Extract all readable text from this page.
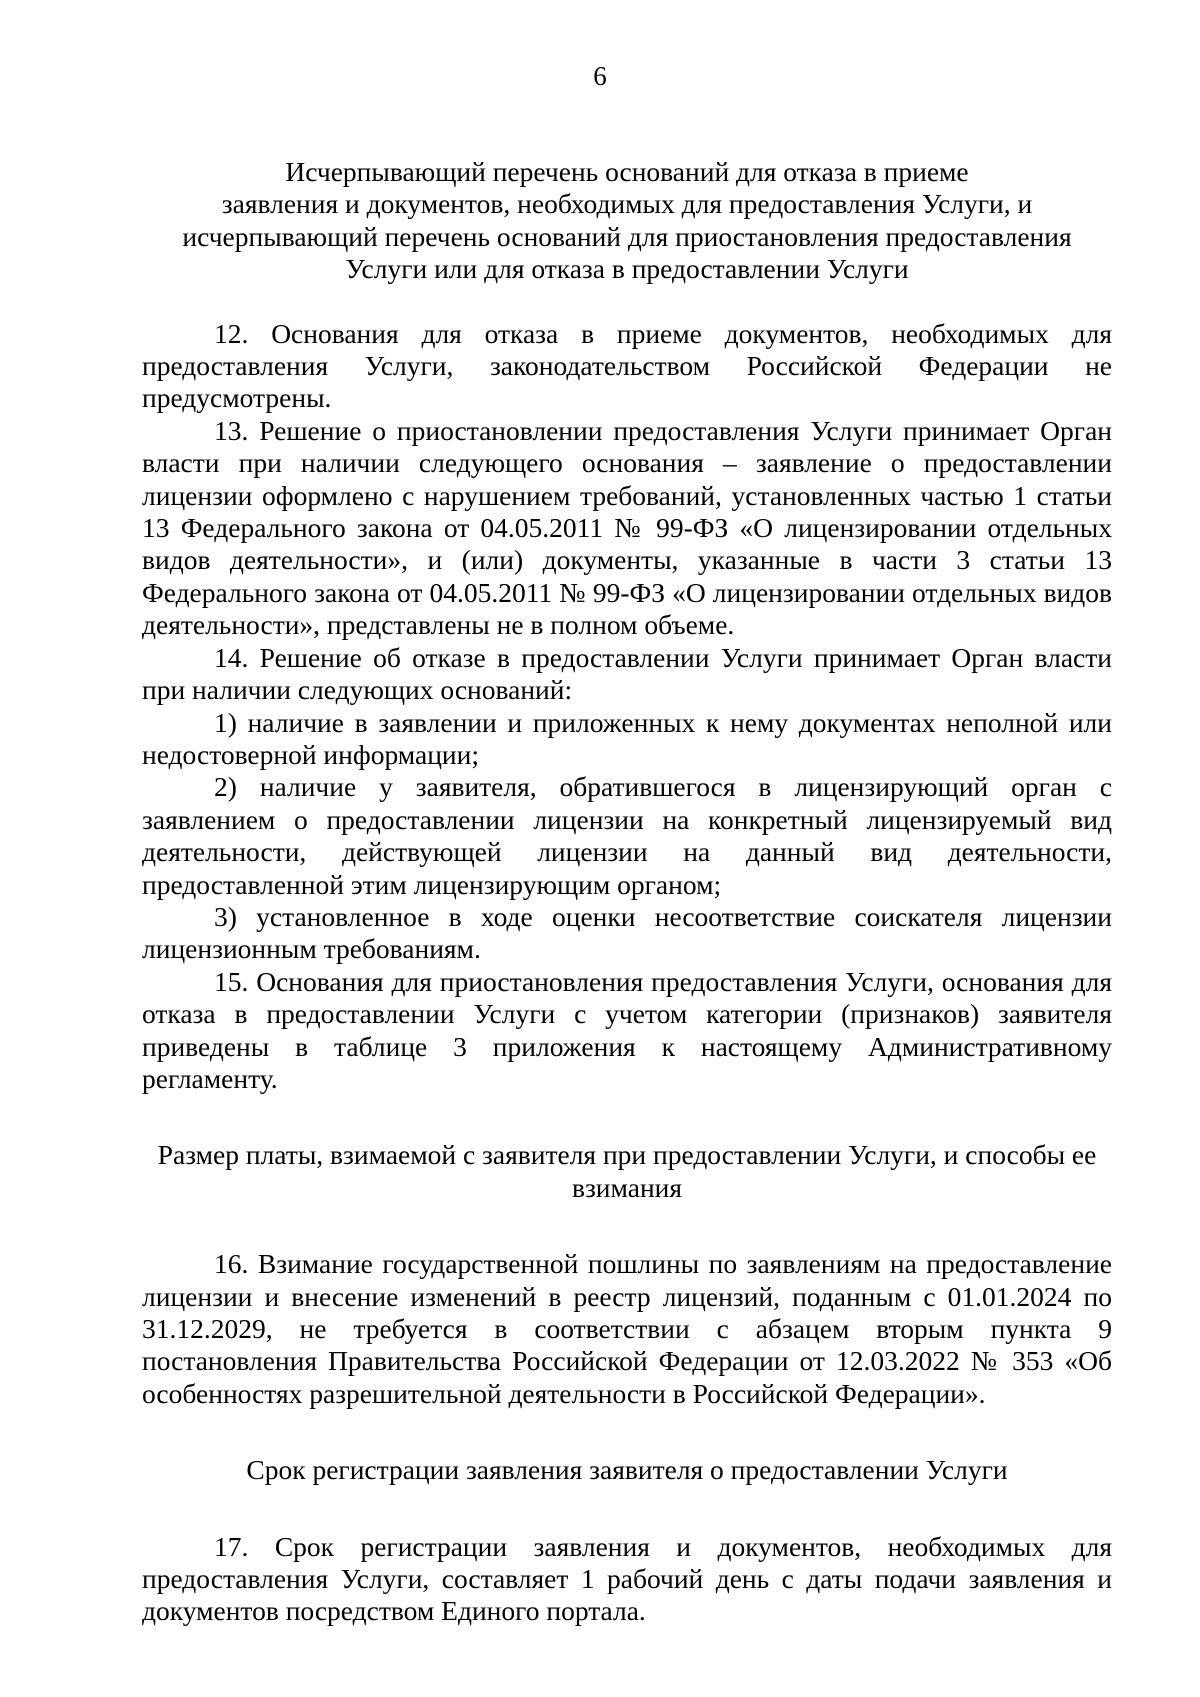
6
Исчерпывающий перечень оснований для отказа в приеме
заявления и документов, необходимых для предоставления Услуги, и
исчерпывающий перечень оснований для приостановления предоставления
Услуги или для отказа в предоставлении Услуги

12. Основания для отказа в приеме документов, необходимых для предоставления Услуги, законодательством Российской Федерации не предусмотрены.

13. Решение о приостановлении предоставления Услуги принимает Орган власти при наличии следующего основания – заявление о предоставлении лицензии оформлено с нарушением требований, установленных частью 1 статьи 13 Федерального закона от 04.05.2011 № 99-ФЗ «О лицензировании отдельных видов деятельности», и (или) документы, указанные в части 3 статьи 13 Федерального закона от 04.05.2011 № 99-ФЗ «О лицензировании отдельных видов деятельности», представлены не в полном объеме.

14. Решение об отказе в предоставлении Услуги принимает Орган власти при наличии следующих оснований:

1) наличие в заявлении и приложенных к нему документах неполной или недостоверной информации;

2) наличие у заявителя, обратившегося в лицензирующий орган с заявлением о предоставлении лицензии на конкретный лицензируемый вид деятельности, действующей лицензии на данный вид деятельности, предоставленной этим лицензирующим органом;

3) установленное в ходе оценки несоответствие соискателя лицензии лицензионным требованиям.

15. Основания для приостановления предоставления Услуги, основания для отказа в предоставлении Услуги с учетом категории (признаков) заявителя приведены в таблице 3 приложения к настоящему Административному регламенту.

Размер платы, взимаемой с заявителя при предоставлении Услуги, и способы ее
взимания

16. Взимание государственной пошлины по заявлениям на предоставление лицензии и внесение изменений в реестр лицензий, поданным с 01.01.2024 по 31.12.2029, не требуется в соответствии с абзацем вторым пункта 9 постановления Правительства Российской Федерации от 12.03.2022 № 353 «Об особенностях разрешительной деятельности в Российской Федерации».

Срок регистрации заявления заявителя о предоставлении Услуги

17. Срок регистрации заявления и документов, необходимых для предоставления Услуги, составляет 1 рабочий день с даты подачи заявления и документов посредством Единого портала.
